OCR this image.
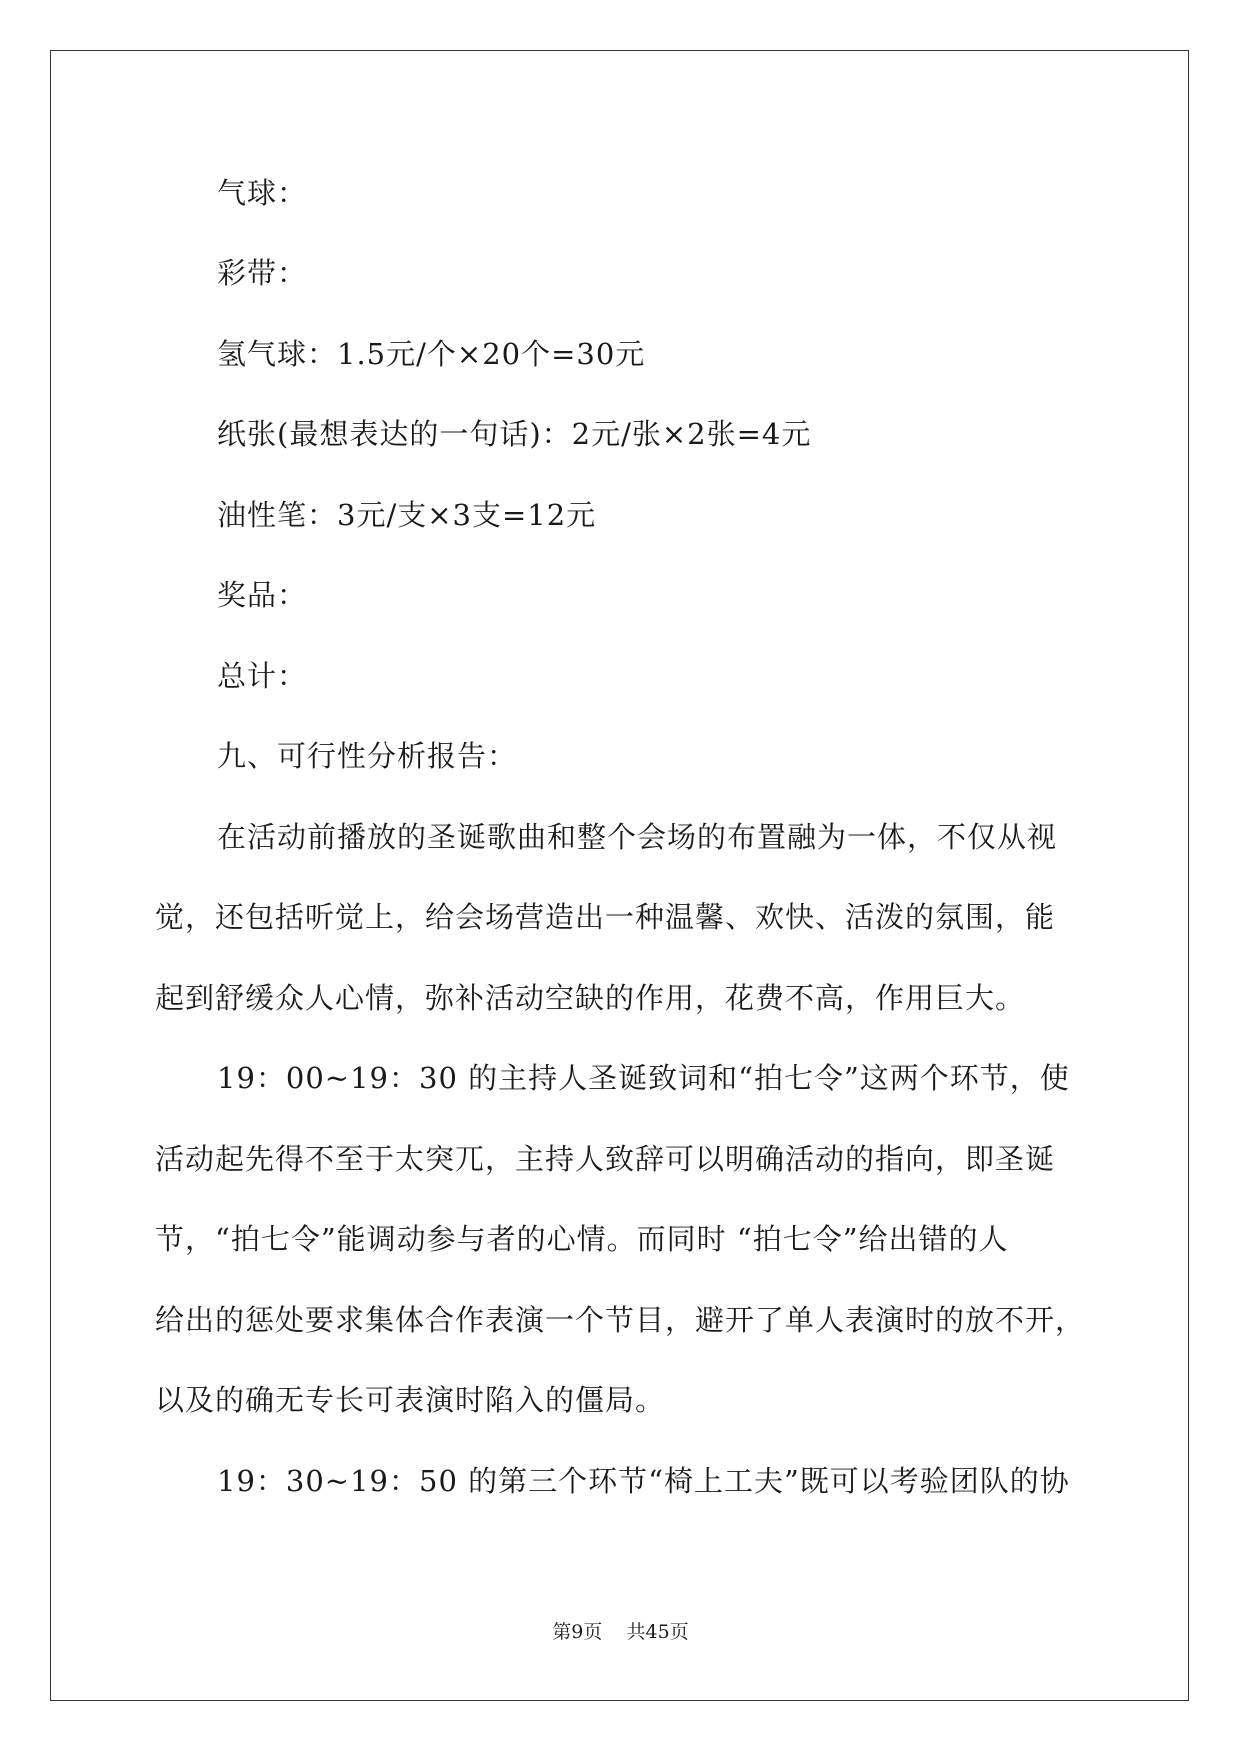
气球：
彩带：
氢气球：1.5元/个×20个=30元
纸张(最想表达的一句话)：2元/张×2张=4元
油性笔：3元/支×3支=12元
奖品：
总计：
九、可行性分析报告：
在活动前播放的圣诞歌曲和整个会场的布置融为一体，不仅从视
觉，还包括听觉上，给会场营造出一种温馨、欢快、活泼的氛围，能
起到舒缓众人心情，弥补活动空缺的作用，花费不高，作用巨大。
19：00~19：30 的主持人圣诞致词和“拍七令”这两个环节，使
活动起先得不至于太突兀，主持人致辞可以明确活动的指向，即圣诞
节，“拍七令”能调动参与者的心情。而同时 “拍七令”给出错的人
给出的惩处要求集体合作表演一个节目，避开了单人表演时的放不开，
以及的确无专长可表演时陷入的僵局。
19：30~19：50 的第三个环节“椅上工夫”既可以考验团队的协
第9页 共45页
